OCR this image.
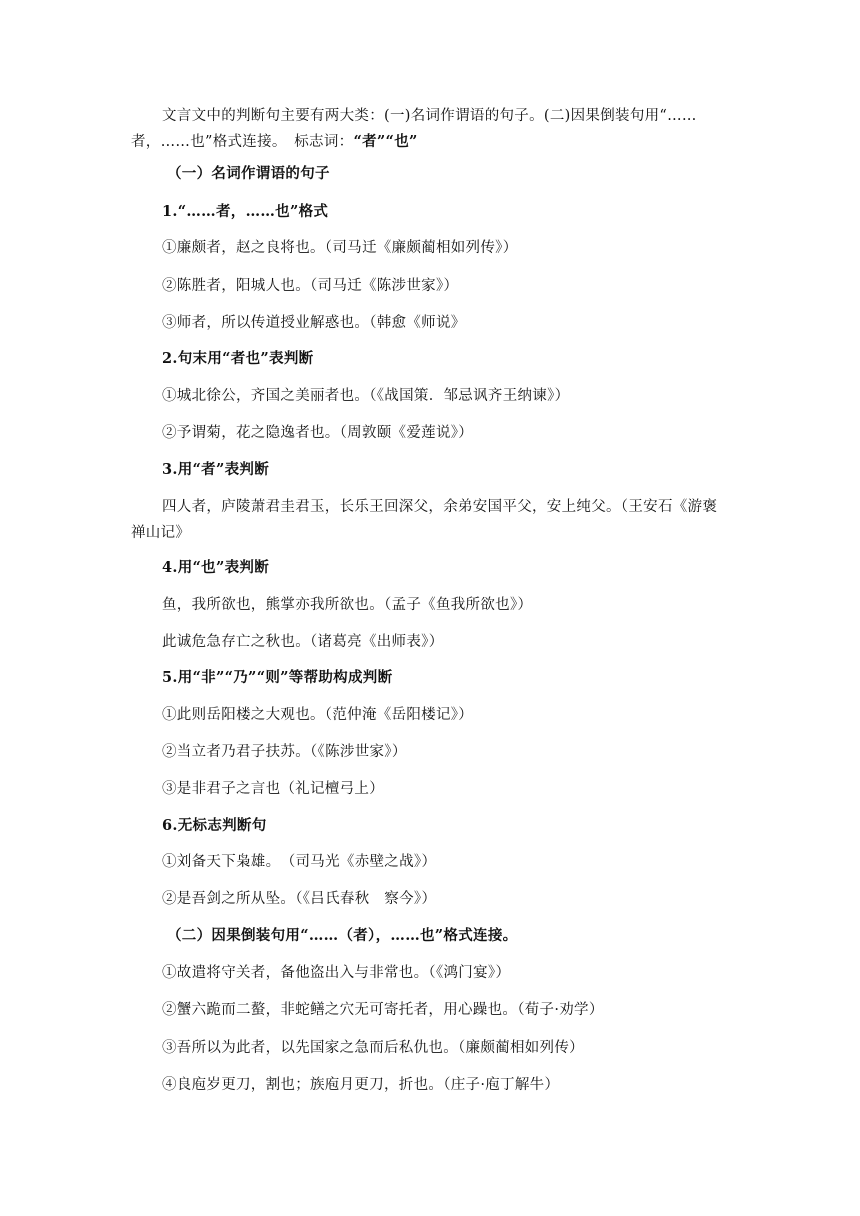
文言文中的判断句主要有两大类：(一)名词作谓语的句子。(二)因果倒装句用“……者，……也”格式连接。　标志词：“者”“也”
（一）名词作谓语的句子
1.“……者，……也”格式
①廉颇者，赵之良将也。（司马迁《廉颇蔺相如列传》）
②陈胜者，阳城人也。（司马迁《陈涉世家》）
③师者，所以传道授业解惑也。（韩愈《师说》
2.句末用“者也”表判断
①城北徐公，齐国之美丽者也。（《战国策．邹忌讽齐王纳谏》）
②予谓菊，花之隐逸者也。（周敦颐《爱莲说》）
3.用“者”表判断
四人者，庐陵萧君圭君玉，长乐王回深父，余弟安国平父，安上纯父。（王安石《游褒禅山记》
4.用“也”表判断
鱼，我所欲也，熊掌亦我所欲也。（孟子《鱼我所欲也》）
此诚危急存亡之秋也。（诸葛亮《出师表》）
5.用“非”“乃”“则”等帮助构成判断
①此则岳阳楼之大观也。（范仲淹《岳阳楼记》）
②当立者乃君子扶苏。（《陈涉世家》）
③是非君子之言也（礼记檀弓上）
6.无标志判断句
①刘备天下枭雄。　（司马光《赤壁之战》）
②是吾剑之所从坠。（《吕氏春秋　察今》）
（二）因果倒装句用“……（者），……也”格式连接。
①故遣将守关者，备他盗出入与非常也。（《鸿门宴》）
②蟹六跪而二螯，非蛇鳝之穴无可寄托者，用心躁也。（荀子·劝学）
③吾所以为此者，以先国家之急而后私仇也。（廉颇蔺相如列传）
④良庖岁更刀，割也；族庖月更刀，折也。（庄子·庖丁解牛）
